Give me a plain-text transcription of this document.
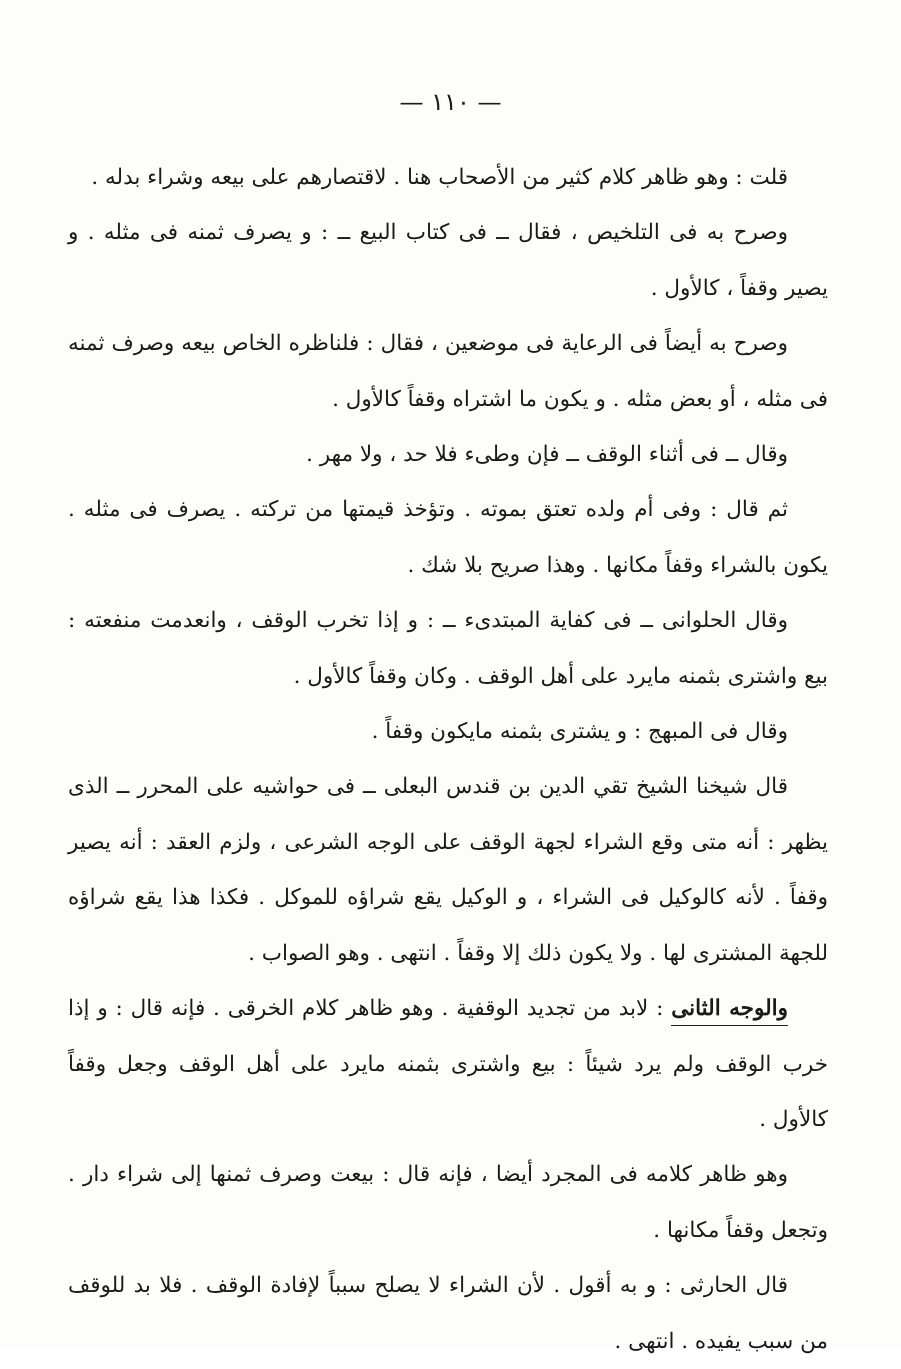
— ١١٠ —

قلت : وهو ظاهر كلام كثير من الأصحاب هنا . لاقتصارهم على بيعه وشراء بدله .

وصرح به فى التلخيص ، فقال ــ فى كتاب البيع ــ : و يصرف ثمنه فى مثله . و يصير وقفاً ، كالأول .

وصرح به أيضاً فى الرعاية فى موضعين ، فقال : فلناظره الخاص بيعه وصرف ثمنه فى مثله ، أو بعض مثله . و يكون ما اشتراه وقفاً كالأول .

وقال ــ فى أثناء الوقف ــ فإن وطىء فلا حد ، ولا مهر .

ثم قال : وفى أم ولده تعتق بموته . وتؤخذ قيمتها من تركته . يصرف فى مثله . يكون بالشراء وقفاً مكانها . وهذا صريح بلا شك .

وقال الحلوانى ــ فى كفاية المبتدىء ــ : و إذا تخرب الوقف ، وانعدمت منفعته : بيع واشترى بثمنه مايرد على أهل الوقف . وكان وقفاً كالأول .

وقال فى المبهج : و يشترى بثمنه مايكون وقفاً .

قال شيخنا الشيخ تقي الدين بن قندس البعلى ــ فى حواشيه على المحرر ــ الذى يظهر : أنه متى وقع الشراء لجهة الوقف على الوجه الشرعى ، ولزم العقد : أنه يصير وقفاً . لأنه كالوكيل فى الشراء ، و الوكيل يقع شراؤه للموكل . فكذا هذا يقع شراؤه للجهة المشترى لها . ولا يكون ذلك إلا وقفاً . انتهى . وهو الصواب .

والوجه الثانى : لابد من تجديد الوقفية . وهو ظاهر كلام الخرقى . فإنه قال : و إذا خرب الوقف ولم يرد شيئاً : بيع واشترى بثمنه مايرد على أهل الوقف وجعل وقفاً كالأول .

وهو ظاهر كلامه فى المجرد أيضا ، فإنه قال : بيعت وصرف ثمنها إلى شراء دار . وتجعل وقفاً مكانها .

قال الحارثى : و به أقول . لأن الشراء لا يصلح سبباً لإفادة الوقف . فلا بد للوقف من سبب يفيده . انتهى .
